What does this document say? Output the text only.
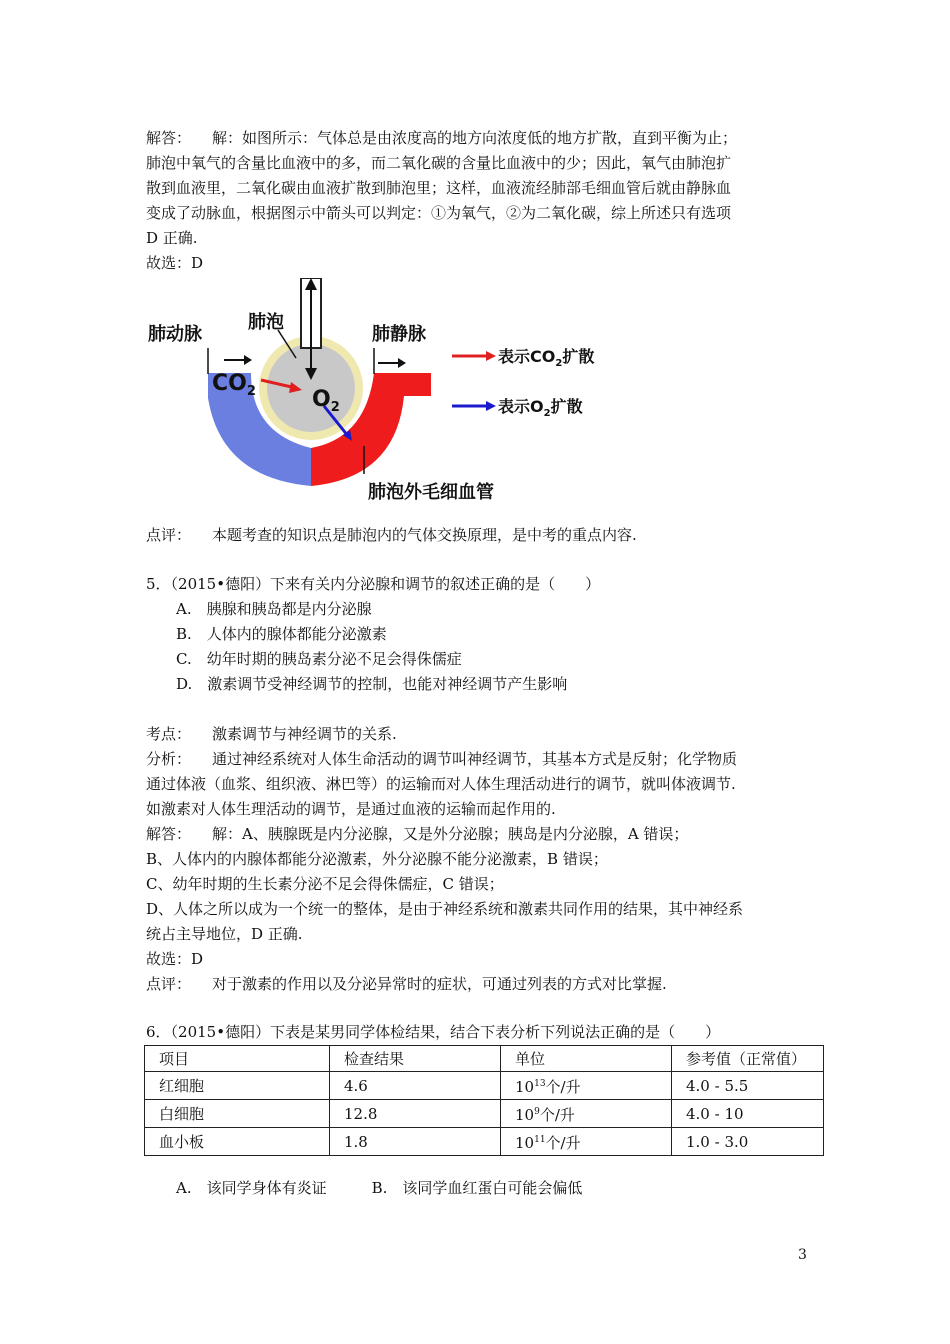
解答： 解：如图所示：气体总是由浓度高的地方向浓度低的地方扩散，直到平衡为止；

肺泡中氧气的含量比血液中的多，而二氧化碳的含量比血液中的少；因此，氧气由肺泡扩

散到血液里，二氧化碳由血液扩散到肺泡里；这样，血液流经肺部毛细血管后就由静脉血

变成了动脉血，根据图示中箭头可以判定：①为氧气，②为二氧化碳，综上所述只有选项

D 正确.

故选：D

$CO_2$	$O_2$
肺动脉
肺泡
肺静脉
肺泡外毛细血管
表示$CO_2$扩散
表示$O_2$扩散

点评： 本题考查的知识点是肺泡内的气体交换原理，是中考的重点内容.

5．（2015•德阳）下来有关内分泌腺和调节的叙述正确的是（　　）

A.　胰腺和胰岛都是内分泌腺

B.　人体内的腺体都能分泌激素

C.　幼年时期的胰岛素分泌不足会得侏儒症

D.　激素调节受神经调节的控制，也能对神经调节产生影响

考点： 激素调节与神经调节的关系.

分析： 通过神经系统对人体生命活动的调节叫神经调节，其基本方式是反射；化学物质

通过体液（血浆、组织液、淋巴等）的运输而对人体生理活动进行的调节，就叫体液调节.

如激素对人体生理活动的调节，是通过血液的运输而起作用的.

解答： 解：A、胰腺既是内分泌腺，又是外分泌腺；胰岛是内分泌腺，A 错误；

B、人体内的内腺体都能分泌激素，外分泌腺不能分泌激素，B 错误；

C、幼年时期的生长素分泌不足会得侏儒症，C 错误；

D、人体之所以成为一个统一的整体，是由于神经系统和激素共同作用的结果，其中神经系

统占主导地位，D 正确.

故选：D

点评： 对于激素的作用以及分泌异常时的症状，可通过列表的方式对比掌握.

6．（2015•德阳）下表是某男同学体检结果，结合下表分析下列说法正确的是（　　）

项目	检查结果	单位	参考值（正常值）
红细胞	4.6	$10^{13}$个/升	4.0 - 5.5
白细胞	12.8	$10^9$个/升	4.0 - 10
血小板	1.8	$10^{11}$个/升	1.0 - 3.0

A.　该同学身体有炎证　　　B.　该同学血红蛋白可能会偏低

3
